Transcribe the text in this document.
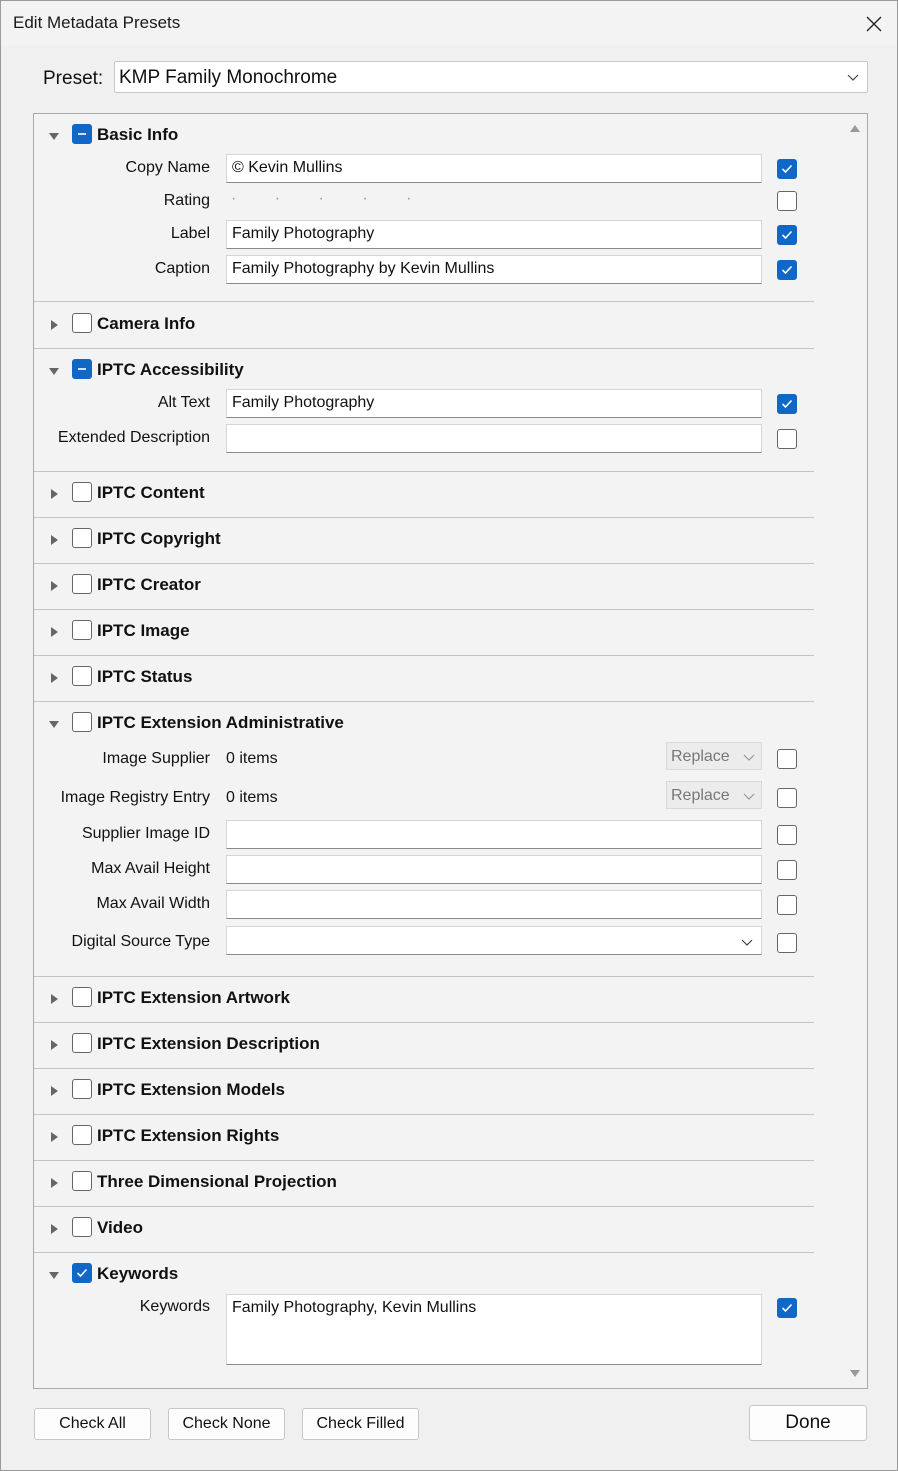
Edit Metadata Presets
Preset: KMP Family Monochrome
Basic Info
Copy Name © Kevin Mullins
Rating · · · · ·
Label Family Photography
Caption Family Photography by Kevin Mullins
Camera Info
IPTC Accessibility
Alt Text Family Photography
Extended Description
IPTC Content
IPTC Copyright
IPTC Creator
IPTC Image
IPTC Status
IPTC Extension Administrative
Image Supplier 0 items	Replace
Image Registry Entry 0 items	Replace
Supplier Image ID
Max Avail Height
Max Avail Width
Digital Source Type
IPTC Extension Artwork
IPTC Extension Description
IPTC Extension Models
IPTC Extension Rights
Three Dimensional Projection
Video
Keywords
Keywords Family Photography, Kevin Mullins
Check All	Check None	Check Filled	Done
